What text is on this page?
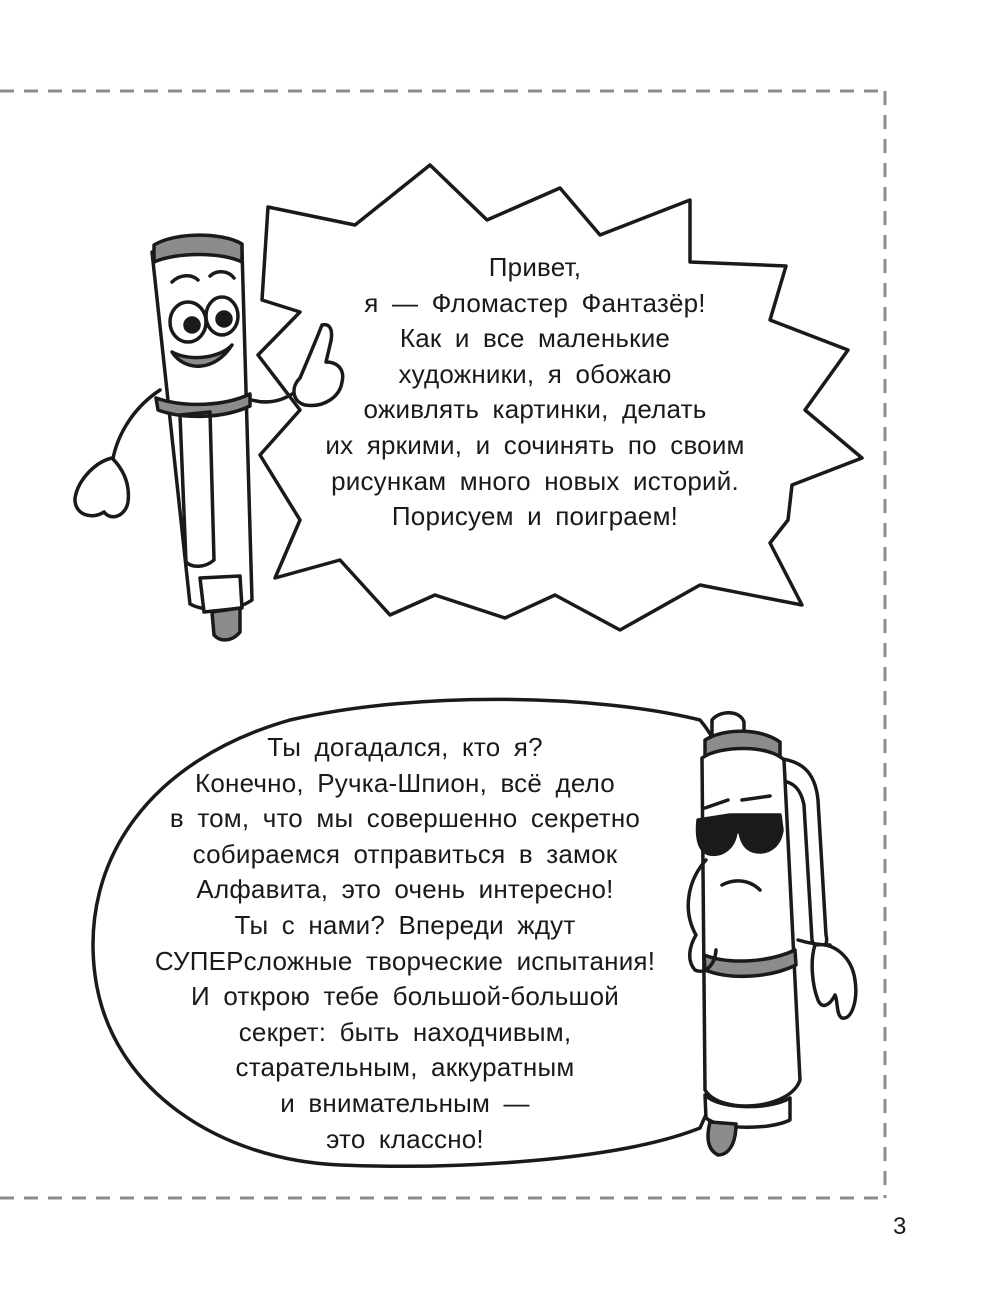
Привет,
я — Фломастер Фантазёр!
Как и все маленькие
художники, я обожаю
оживлять картинки, делать
их яркими, и сочинять по своим
рисункам много новых историй.
Порисуем и поиграем!
Ты догадался, кто я?
Конечно, Ручка-Шпион, всё дело
в том, что мы совершенно секретно
собираемся отправиться в замок
Алфавита, это очень интересно!
Ты с нами? Впереди ждут
СУПЕРсложные творческие испытания!
И открою тебе большой-большой
секрет: быть находчивым,
старательным, аккуратным
и внимательным —
это классно!
3
